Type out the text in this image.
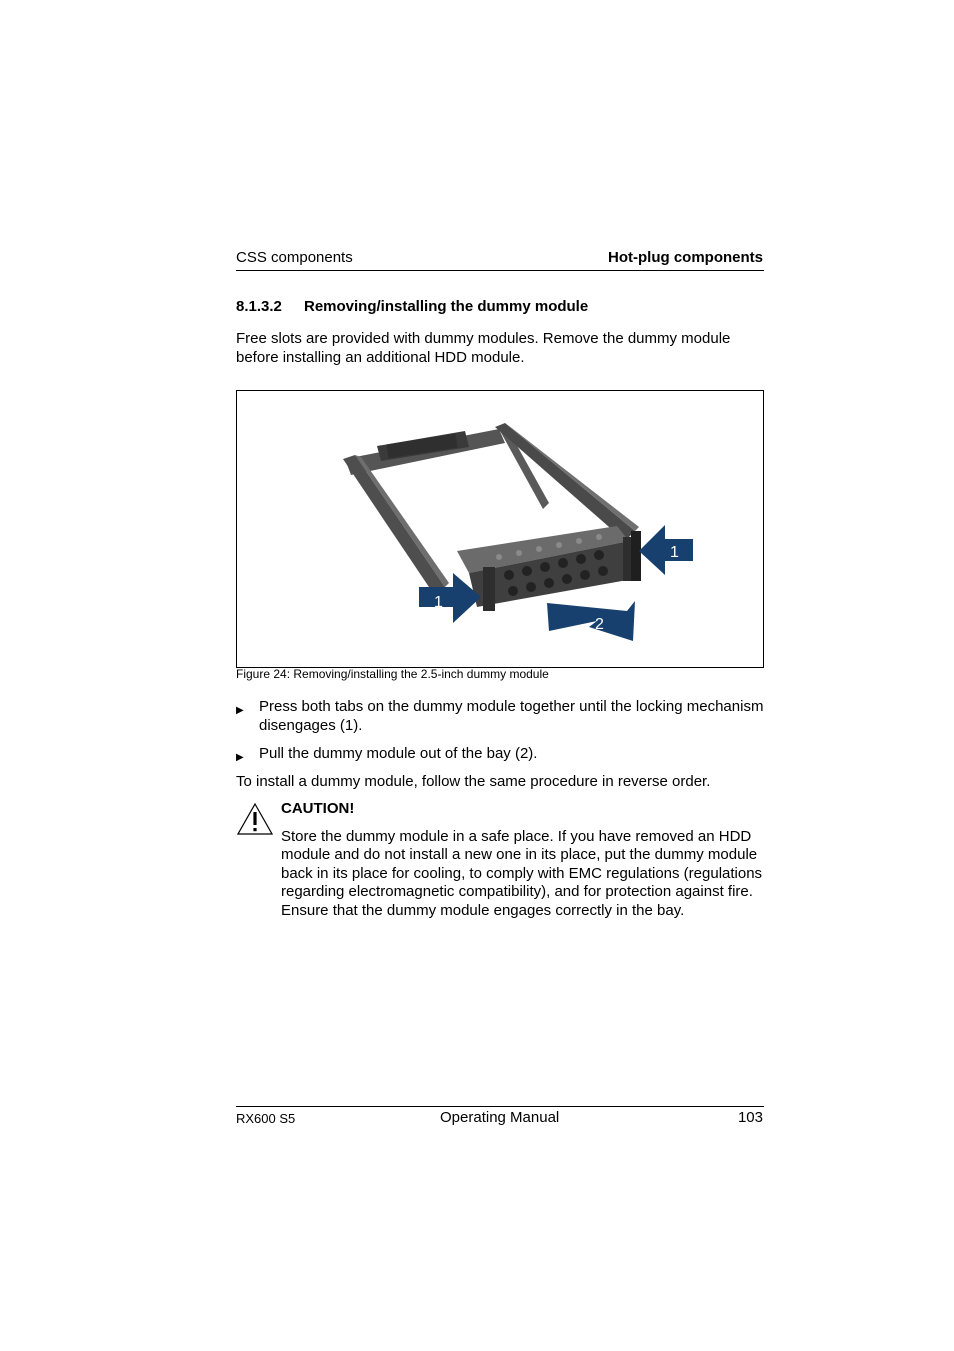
CSS components	Hot-plug components
8.1.3.2 Removing/installing the dummy module
Free slots are provided with dummy modules. Remove the dummy module before installing an additional HDD module.
1
1
2
Figure 24: Removing/installing the 2.5-inch dummy module
▶ Press both tabs on the dummy module together until the locking mechanism disengages (1).
▶ Pull the dummy module out of the bay (2).
To install a dummy module, follow the same procedure in reverse order.
CAUTION!
Store the dummy module in a safe place. If you have removed an HDD module and do not install a new one in its place, put the dummy module back in its place for cooling, to comply with EMC regulations (regulations regarding electromagnetic compatibility), and for protection against fire. Ensure that the dummy module engages correctly in the bay.
RX600 S5	Operating Manual	103
